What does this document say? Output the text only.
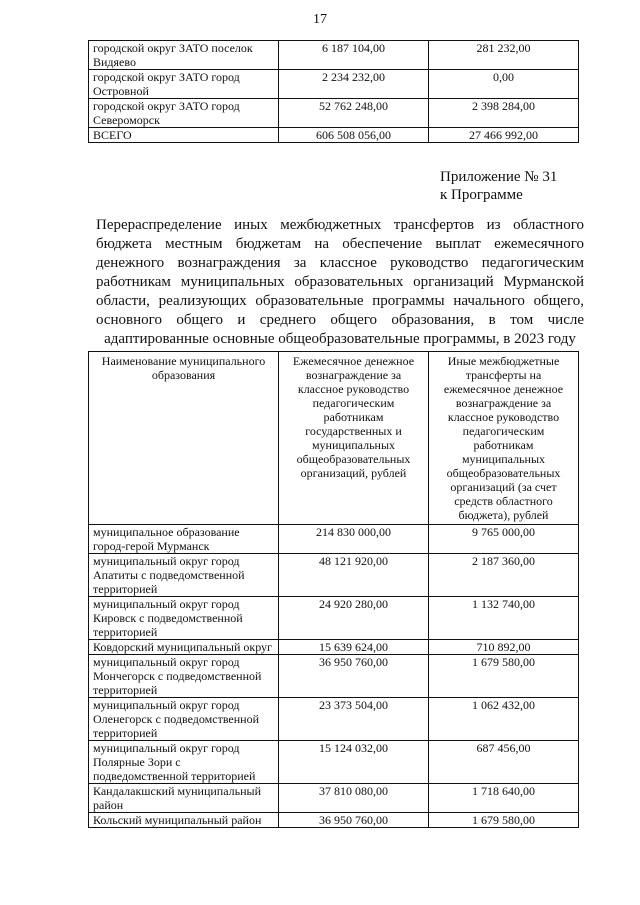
17
городской округ ЗАТО поселок Видяево	6 187 104,00	281 232,00
городской округ ЗАТО город Островной	2 234 232,00	0,00
городской округ ЗАТО город Североморск	52 762 248,00	2 398 284,00
ВСЕГО	606 508 056,00	27 466 992,00
Приложение № 31
к Программе
Перераспределение иных межбюджетных трансфертов из областного бюджета местным бюджетам на обеспечение выплат ежемесячного денежного вознаграждения за классное руководство педагогическим работникам муниципальных образовательных организаций Мурманской области, реализующих образовательные программы начального общего, основного общего и среднего общего образования, в том числе адаптированные основные общеобразовательные программы, в 2023 году
Наименование муниципального образования	Ежемесячное денежное вознаграждение за классное руководство педагогическим работникам государственных и муниципальных общеобразовательных организаций, рублей	Иные межбюджетные трансферты на ежемесячное денежное вознаграждение за классное руководство педагогическим работникам муниципальных общеобразовательных организаций (за счет средств областного бюджета), рублей
муниципальное образование город-герой Мурманск	214 830 000,00	9 765 000,00
муниципальный округ город Апатиты с подведомственной территорией	48 121 920,00	2 187 360,00
муниципальный округ город Кировск с подведомственной территорией	24 920 280,00	1 132 740,00
Ковдорский муниципальный округ	15 639 624,00	710 892,00
муниципальный округ город Мончегорск с подведомственной территорией	36 950 760,00	1 679 580,00
муниципальный округ город Оленегорск с подведомственной территорией	23 373 504,00	1 062 432,00
муниципальный округ город Полярные Зори с подведомственной территорией	15 124 032,00	687 456,00
Кандалакшский муниципальный район	37 810 080,00	1 718 640,00
Кольский муниципальный район	36 950 760,00	1 679 580,00
